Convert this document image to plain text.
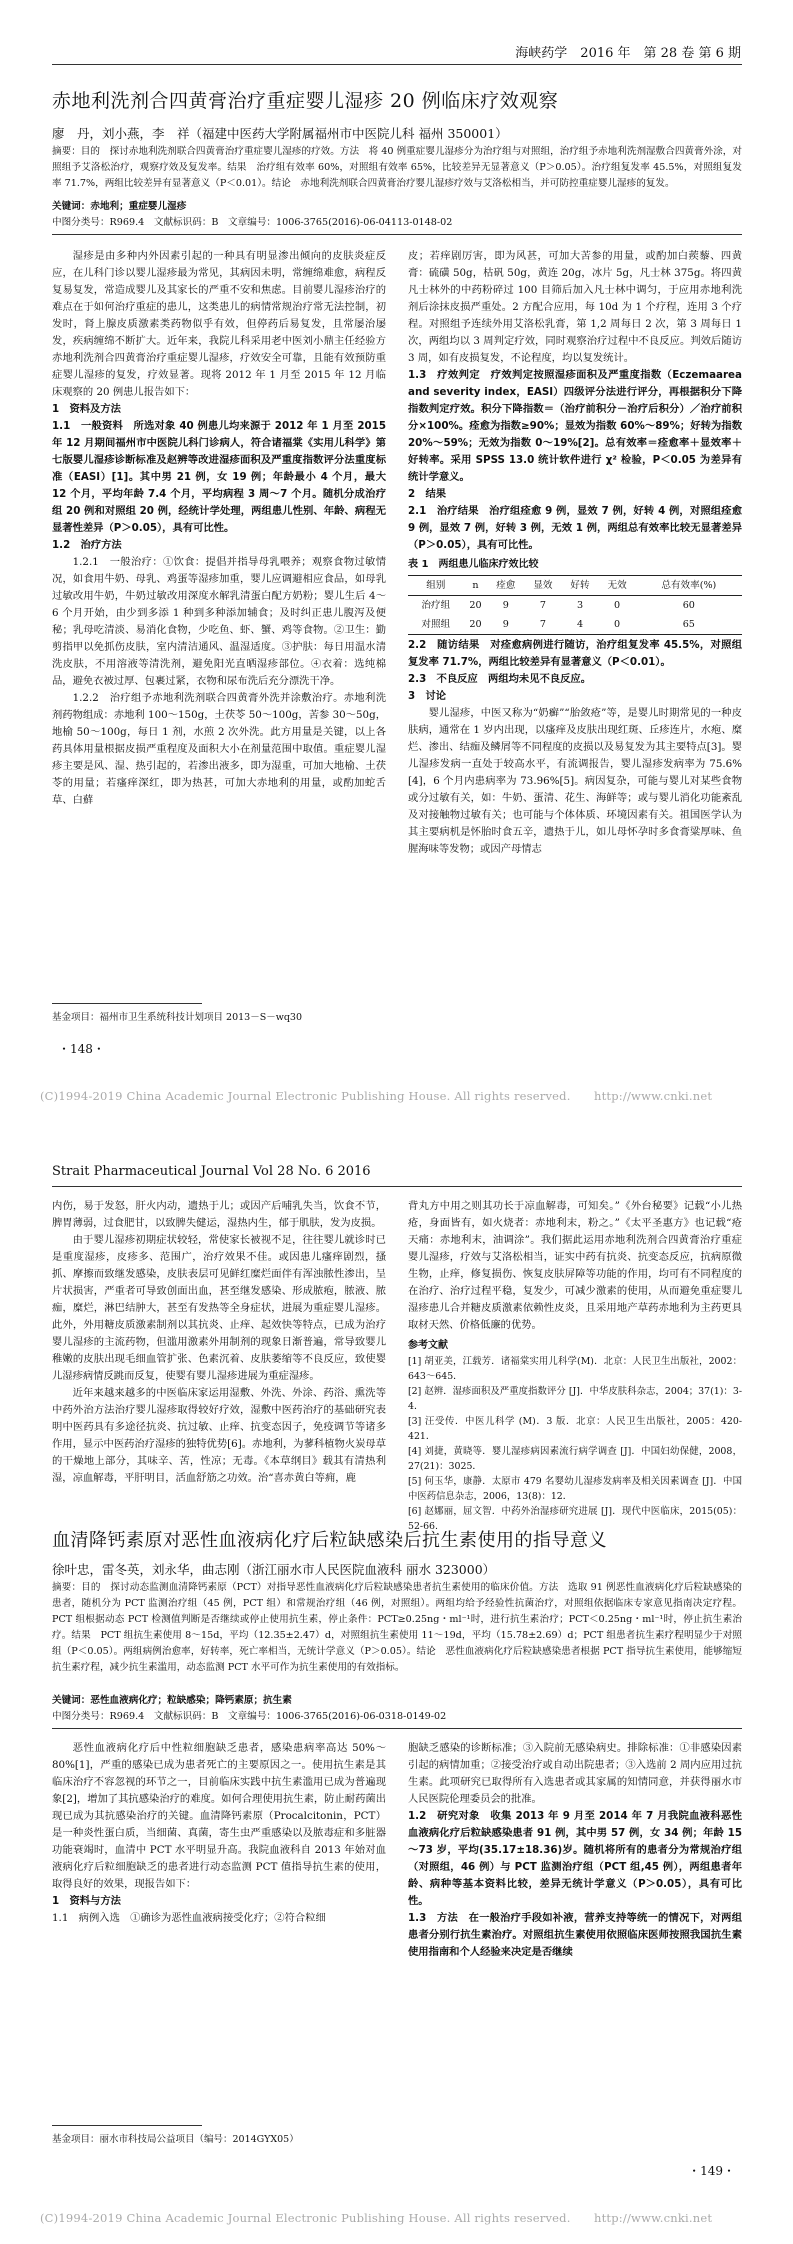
海峡药学　2016 年　第 28 卷 第 6 期
赤地利洗剂合四黄膏治疗重症婴儿湿疹 20 例临床疗效观察
廖　丹，刘小燕，李　祥（福建中医药大学附属福州市中医院儿科 福州 350001）
摘要：目的　探讨赤地利洗剂联合四黄膏治疗重症婴儿湿疹的疗效。方法　将 40 例重症婴儿湿疹分为治疗组与对照组，治疗组予赤地利洗剂湿敷合四黄膏外涂，对照组予艾洛松治疗，观察疗效及复发率。结果　治疗组有效率 60%，对照组有效率 65%，比较差异无显著意义（P＞0.05）。治疗组复发率 45.5%，对照组复发率 71.7%，两组比较差异有显著意义（P＜0.01）。结论　赤地利洗剂联合四黄膏治疗婴儿湿疹疗效与艾洛松相当，并可防控重症婴儿湿疹的复发。
关键词：赤地利；重症婴儿湿疹
中图分类号：R969.4　文献标识码：B　文章编号：1006-3765(2016)-06-04113-0148-02

湿疹是由多种内外因素引起的一种具有明显渗出倾向的皮肤炎症反应，在儿科门诊以婴儿湿疹最为常见，其病因未明，常缠绵难愈，病程反复易复发，常造成婴儿及其家长的严重不安和焦虑。目前婴儿湿疹治疗的难点在于如何治疗重症的患儿，这类患儿的病情常规治疗常无法控制，初发时，肾上腺皮质激素类药物似乎有效，但停药后易复发，且常屡治屡发，疾病缠绵不断扩大。近年来，我院儿科采用老中医刘小鼎主任经验方赤地利洗剂合四黄膏治疗重症婴儿湿疹，疗效安全可靠，且能有效预防重症婴儿湿疹的复发，疗效显著。现将 2012 年 1 月至 2015 年 12 月临床观察的 20 例患儿报告如下：

1　资料及方法

1.1　一般资料　所选对象 40 例患儿均来源于 2012 年 1 月至 2015 年 12 月期间福州市中医院儿科门诊病人，符合诸福棠《实用儿科学》第七版婴儿湿疹诊断标准及赵辨等改进湿疹面积及严重度指数评分法重度标准（EASI）[1]。其中男 21 例，女 19 例；年龄最小 4 个月，最大 12 个月，平均年龄 7.4 个月，平均病程 3 周～7 个月。随机分成治疗组 20 例和对照组 20 例，经统计学处理，两组患儿性别、年龄、病程无显著性差异（P＞0.05），具有可比性。

1.2　治疗方法

1.2.1　一般治疗：①饮食：提倡并指导母乳喂养；观察食物过敏情况，如食用牛奶、母乳、鸡蛋等湿疹加重，婴儿应调避相应食品，如母乳过敏改用牛奶，牛奶过敏改用深度水解乳清蛋白配方奶粉；婴儿生后 4～6 个月开始，由少到多添 1 种到多种添加辅食；及时纠正患儿腹泻及便秘；乳母吃清淡、易消化食物，少吃鱼、虾、蟹、鸡等食物。②卫生：勤剪指甲以免抓伤皮肤，室内清洁通风、温湿适度。③护肤：每日用温水清洗皮肤，不用溶液等清洗剂，避免阳光直晒湿疹部位。④衣着：选纯棉品，避免衣被过厚、包裹过紧，衣物和尿布洗后充分漂洗干净。

1.2.2　治疗组予赤地利洗剂联合四黄膏外洗并涂敷治疗。赤地利洗剂药物组成：赤地利 100～150g，土茯苓 50～100g，苦参 30～50g，地榆 50～100g，每日 1 剂，水煎 2 次外洗。此方用量是关键，以上各药具体用量根据皮损严重程度及面积大小在剂量范围中取值。重症婴儿湿疹主要是风、湿、热引起的，若渗出液多，即为湿重，可加大地榆、土茯苓的用量；若瘙痒深红，即为热甚，可加大赤地利的用量，或酌加蛇舌草、白蘚

皮；若痒剧厉害，即为风甚，可加大苦参的用量，或酌加白蒺藜、四黄膏：硫磺 50g，枯矾 50g，黄连 20g，冰片 5g，凡士林 375g。将四黄凡士林外的中药粉碎过 100 目筛后加入凡士林中调匀，于应用赤地利洗剂后涂抹皮损严重处。2 方配合应用，每 10d 为 1 个疗程，连用 3 个疗程。对照组予连续外用艾洛松乳膏，第 1,2 周每日 2 次，第 3 周每日 1 次，两组均以 3 周判定疗效，同时观察治疗过程中不良反应。判效后随访 3 周，如有皮损复发，不论程度，均以复发统计。

1.3　疗效判定　疗效判定按照湿疹面积及严重度指数（Eczemaarea and severity index，EASI）四级评分法进行评分，再根据积分下降指数判定疗效。积分下降指数＝（治疗前积分－治疗后积分）／治疗前积分×100%。痊愈为指数≥90%；显效为指数 60%～89%；好转为指数 20%～59%；无效为指数 0～19%[2]。总有效率＝痊愈率＋显效率＋好转率。采用 SPSS 13.0 统计软件进行 χ² 检验，P＜0.05 为差异有统计学意义。

2　结果

2.1　治疗结果　治疗组痊愈 9 例，显效 7 例，好转 4 例，对照组痊愈 9 例，显效 7 例，好转 3 例，无效 1 例，两组总有效率比较无显著差异（P＞0.05），具有可比性。

表 1　两组患儿临床疗效比较
组别	n	痊愈	显效	好转	无效	总有效率(%)
治疗组	20	9	7	3	0	60
对照组	20	9	7	4	0	65

2.2　随访结果　对痊愈病例进行随访，治疗组复发率 45.5%，对照组复发率 71.7%，两组比较差异有显著意义（P＜0.01）。

2.3　不良反应　两组均未见不良反应。

3　讨论

婴儿湿疹，中医又称为“奶癣”“胎敛疮”等，是婴儿时期常见的一种皮肤病，通常在 1 岁内出现，以瘙痒及皮肤出现红斑、丘疹连片，水疱、糜烂、渗出、结痂及鳞屑等不同程度的皮损以及易复发为其主要特点[3]。婴儿湿疹发病一直处于较高水平，有流调报告，婴儿湿疹发病率为 75.6%[4]，6 个月内患病率为 73.96%[5]。病因复杂，可能与婴儿对某些食物或分过敏有关，如：牛奶、蛋清、花生、海鲜等；或与婴儿消化功能紊乱及对接触物过敏有关；也可能与个体体质、环境因素有关。祖国医学认为其主要病机是怀胎时食五辛，遗热于儿，如儿母怀孕时多食膏粱厚味、鱼腥海味等发物；或因产母情志

基金项目：福州市卫生系统科技计划项目 2013－S－wq30
・148・
(C)1994-2019 China Academic Journal Electronic Publishing House. All rights reserved.　　http://www.cnki.net
Strait Pharmaceutical Journal Vol 28 No. 6 2016

内伤，易于发怒，肝火内动，遗热于儿；或因产后哺乳失当，饮食不节，脾胃薄弱，过食肥甘，以致脾失健运，湿热内生，郁于肌肤，发为皮损。

由于婴儿湿疹初期症状较轻，常使家长被视不足，往往婴儿就诊时已是重度湿疹，皮疹多、范围广，治疗效果不佳。或因患儿瘙痒剧烈，搔抓、摩擦而致继发感染，皮肤表层可见鲜红糜烂面伴有浑浊脓性渗出，呈片状损害，严重者可导致创面出血，甚至继发感染、形成脓疱，脓液、脓痂，糜烂，淋巴结肿大，甚至有发热等全身症状，进展为重症婴儿湿疹。此外，外用糖皮质激素制剂以其抗炎、止痒、起效快等特点，已成为治疗婴儿湿疹的主流药物，但滥用激素外用制剂的现象日渐普遍，常导致婴儿稚嫩的皮肤出现毛细血管扩张、色素沉着、皮肤萎缩等不良反应，致使婴儿湿疹病情反跳而反复，使婴有婴儿湿疹进展为重症湿疹。

近年来越来越多的中医临床家运用湿敷、外洗、外涂、药浴、熏洗等中药外治方法治疗婴儿湿疹取得较好疗效，湿敷中医药治疗的基础研究表明中医药具有多途径抗炎、抗过敏、止痒、抗变态因子，免疫调节等诸多作用，显示中医药治疗湿疹的独特优势[6]。赤地利，为蓼科植物火炭母草的干燥地上部分，其味辛、苦，性凉；无毒。《本草纲目》载其有清热利湿，凉血解毒，平肝明目，活血舒筋之功效。治“喜赤黄白等痈，鹿

背丸方中用之则其功长于凉血解毒，可知矣。”《外台秘要》记载“小儿热疮，身面皆有，如火烧者：赤地利末，粉之。”《太平圣惠方》也记载“疮天痛：赤地利末，油调涂”。我们据此运用赤地利洗剂合四黄膏治疗重症婴儿湿疹，疗效与艾洛松相当，证实中药有抗炎、抗变态反应，抗病原微生物，止痒，修复损伤、恢复皮肤屏障等功能的作用，均可有不同程度的在治疗、治疗过程平稳，复发少，可减少激素的使用，从而避免重症婴儿湿疹患儿合并糖皮质激素依赖性皮炎，且采用地产草药赤地利为主药更具取材天然、价格低廉的优势。

参考文献

[1] 胡亚美，江载芳．诸福棠实用儿科学(M)．北京：人民卫生出版社，2002：643～645．

[2] 赵辨．湿疹面积及严重度指数评分 [J]．中华皮肤科杂志，2004；37(1)：3-4．

[3] 汪受传．中医儿科学 (M)．3 版．北京：人民卫生出版社，2005：420-421．

[4] 刘捷，黄晓等．婴儿湿疹病因素流行病学调查 [J]．中国妇幼保健，2008，27(21)：3025．

[5] 何玉华，康静．太原市 479 名婴幼儿湿疹发病率及相关因素调查 [J]．中国中医药信息杂志，2006，13(8)：12．

[6] 赵娜丽，屈文智．中药外治湿疹研究进展 [J]．现代中医临床，2015(05)：52-66.

血清降钙素原对恶性血液病化疗后粒缺感染后抗生素使用的指导意义
徐叶忠，雷冬英，刘永华，曲志刚（浙江丽水市人民医院血液科 丽水 323000）
摘要：目的　探讨动态监测血清降钙素原（PCT）对指导恶性血液病化疗后粒缺感染患者抗生素使用的临床价值。方法　选取 91 例恶性血液病化疗后粒缺感染的患者，随机分为 PCT 监测治疗组（45 例，PCT 组）和常规治疗组（46 例，对照组）。两组均给予经验性抗菌治疗，对照组依据临床专家意见指南决定疗程。PCT 组根据动态 PCT 检测值判断是否继续或停止使用抗生素，停止条件：PCT≥0.25ng・ml⁻¹时，进行抗生素治疗；PCT＜0.25ng・ml⁻¹时，停止抗生素治疗。结果　PCT 组抗生素使用 8～15d，平均（12.35±2.47）d，对照组抗生素使用 11～19d，平均（15.78±2.69）d；PCT 组患者抗生素疗程明显少于对照组（P＜0.05）。两组病例治愈率，好转率，死亡率相当，无统计学意义（P＞0.05）。结论　恶性血液病化疗后粒缺感染患者根据 PCT 指导抗生素使用，能够缩短抗生素疗程，减少抗生素滥用，动态监测 PCT 水平可作为抗生素使用的有效指标。
关键词：恶性血液病化疗；粒缺感染；降钙素原；抗生素
中图分类号：R969.4　文献标识码：B　文章编号：1006-3765(2016)-06-0318-0149-02

恶性血液病化疗后中性粒细胞缺乏患者，感染患病率高达 50%～80%[1]，严重的感染已成为患者死亡的主要原因之一。使用抗生素是其临床治疗不容忽视的环节之一，目前临床实践中抗生素滥用已成为普遍现象[2]，增加了其抗感染治疗的难度。如何合理使用抗生素，防止耐药菌出现已成为其抗感染治疗的关键。血清降钙素原（Procalcitonin，PCT）是一种炎性蛋白质，当细菌、真菌，寄生虫严重感染以及脓毒症和多脏器功能衰竭时，血清中 PCT 水平明显升高。我院血液科自 2013 年始对血液病化疗后粒细胞缺乏的患者进行动态监测 PCT 值指导抗生素的使用，取得良好的效果，现报告如下：

1　资料与方法

1.1　病例入选　①确诊为恶性血液病接受化疗；②符合粒细

胞缺乏感染的诊断标准；③入院前无感染病史。排除标准：①非感染因素引起的病情加重；②接受治疗或自动出院患者；③入选前 2 周内应用过抗生素。此项研究已取得所有入选患者或其家属的知情同意，并获得丽水市人民医院伦理委员会的批准。

1.2　研究对象　收集 2013 年 9 月至 2014 年 7 月我院血液科恶性血液病化疗后粒缺感染患者 91 例，其中男 57 例，女 34 例；年龄 15～73 岁，平均(35.17±18.36)岁。随机将所有的患者分为常规治疗组（对照组，46 例）与 PCT 监测治疗组（PCT 组,45 例），两组患者年龄、病种等基本资料比较，差异无统计学意义（P＞0.05），具有可比性。

1.3　方法　在一般治疗手段如补液，营养支持等统一的情况下，对两组患者分别行抗生素治疗。对照组抗生素使用依照临床医师按照我国抗生素使用指南和个人经验来决定是否继续

基金项目：丽水市科技局公益项目（编号：2014GYX05）
・149・
(C)1994-2019 China Academic Journal Electronic Publishing House. All rights reserved.　　http://www.cnki.net
